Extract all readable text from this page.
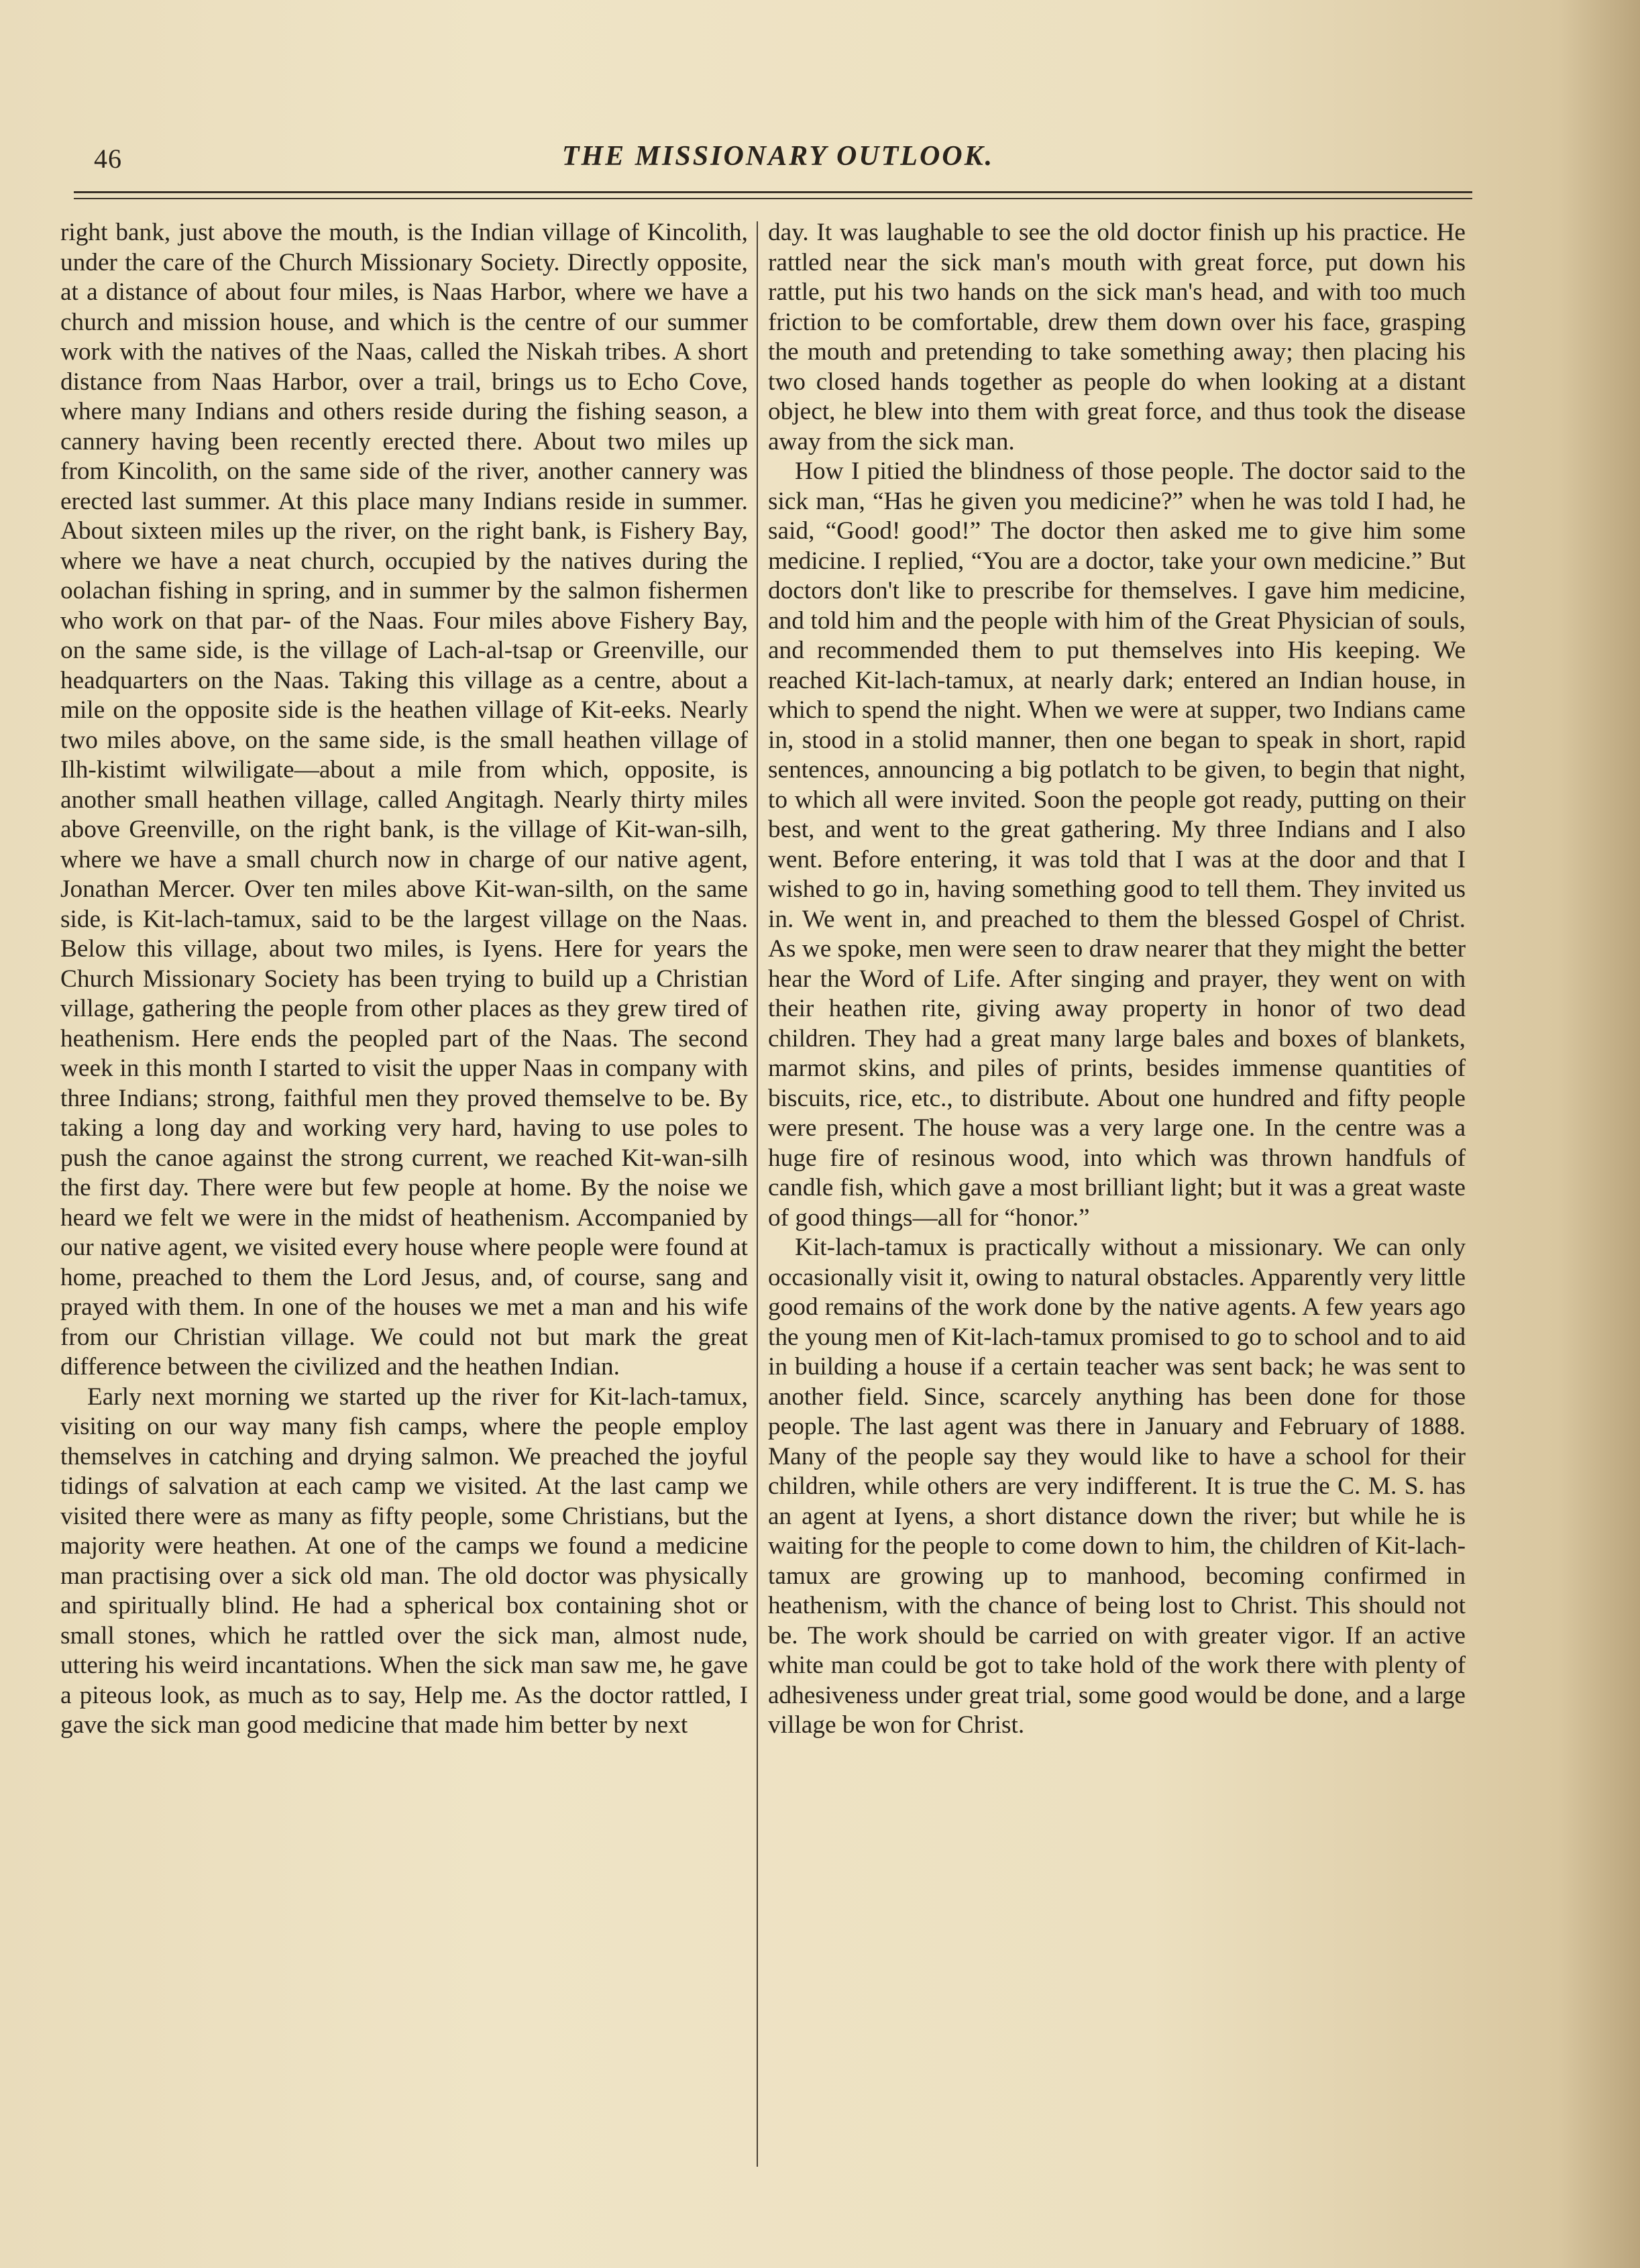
46	THE MISSIONARY OUTLOOK.

right bank, just above the mouth, is the Indian village of Kincolith, under the care of the Church Missionary Society. Directly opposite, at a distance of about four miles, is Naas Harbor, where we have a church and mission house, and which is the centre of our summer work with the natives of the Naas, called the Niskah tribes. A short distance from Naas Harbor, over a trail, brings us to Echo Cove, where many Indians and others reside during the fishing season, a cannery having been recently erected there. About two miles up from Kincolith, on the same side of the river, another cannery was erected last summer. At this place many Indians reside in summer. About sixteen miles up the river, on the right bank, is Fishery Bay, where we have a neat church, occupied by the natives during the oolachan fishing in spring, and in summer by the salmon fishermen who work on that par- of the Naas. Four miles above Fishery Bay, on the same side, is the village of Lach-al-tsap or Greenville, our headquarters on the Naas. Taking this village as a centre, about a mile on the opposite side is the heathen village of Kit-eeks. Nearly two miles above, on the same side, is the small heathen village of Ilh-kistimt wilwiligate—about a mile from which, opposite, is another small heathen village, called Angitagh. Nearly thirty miles above Greenville, on the right bank, is the village of Kit-wan-silh, where we have a small church now in charge of our native agent, Jonathan Mercer. Over ten miles above Kit-wan-silth, on the same side, is Kit-lach-tamux, said to be the largest village on the Naas. Below this village, about two miles, is Iyens. Here for years the Church Missionary Society has been trying to build up a Christian village, gathering the people from other places as they grew tired of heathenism. Here ends the peopled part of the Naas. The second week in this month I started to visit the upper Naas in company with three Indians; strong, faithful men they proved themselve to be. By taking a long day and working very hard, having to use poles to push the canoe against the strong current, we reached Kit-wan-silh the first day. There were but few people at home. By the noise we heard we felt we were in the midst of heathenism. Accompanied by our native agent, we visited every house where people were found at home, preached to them the Lord Jesus, and, of course, sang and prayed with them. In one of the houses we met a man and his wife from our Christian village. We could not but mark the great difference between the civilized and the heathen Indian.

Early next morning we started up the river for Kit-lach-tamux, visiting on our way many fish camps, where the people employ themselves in catching and drying salmon. We preached the joyful tidings of salvation at each camp we visited. At the last camp we visited there were as many as fifty people, some Christians, but the majority were heathen. At one of the camps we found a medicine man practising over a sick old man. The old doctor was physically and spiritually blind. He had a spherical box containing shot or small stones, which he rattled over the sick man, almost nude, uttering his weird incantations. When the sick man saw me, he gave a piteous look, as much as to say, Help me. As the doctor rattled, I gave the sick man good medicine that made him better by next

day. It was laughable to see the old doctor finish up his practice. He rattled near the sick man's mouth with great force, put down his rattle, put his two hands on the sick man's head, and with too much friction to be comfortable, drew them down over his face, grasping the mouth and pretending to take something away; then placing his two closed hands together as people do when looking at a distant object, he blew into them with great force, and thus took the disease away from the sick man.

How I pitied the blindness of those people. The doctor said to the sick man, “Has he given you medicine?” when he was told I had, he said, “Good! good!” The doctor then asked me to give him some medicine. I replied, “You are a doctor, take your own medicine.” But doctors don't like to prescribe for themselves. I gave him medicine, and told him and the people with him of the Great Physician of souls, and recommended them to put themselves into His keeping. We reached Kit-lach-tamux, at nearly dark; entered an Indian house, in which to spend the night. When we were at supper, two Indians came in, stood in a stolid manner, then one began to speak in short, rapid sentences, announcing a big potlatch to be given, to begin that night, to which all were invited. Soon the people got ready, putting on their best, and went to the great gathering. My three Indians and I also went. Before entering, it was told that I was at the door and that I wished to go in, having something good to tell them. They invited us in. We went in, and preached to them the blessed Gospel of Christ. As we spoke, men were seen to draw nearer that they might the better hear the Word of Life. After singing and prayer, they went on with their heathen rite, giving away property in honor of two dead children. They had a great many large bales and boxes of blankets, marmot skins, and piles of prints, besides immense quantities of biscuits, rice, etc., to distribute. About one hundred and fifty people were present. The house was a very large one. In the centre was a huge fire of resinous wood, into which was thrown handfuls of candle fish, which gave a most brilliant light; but it was a great waste of good things—all for “honor.”

Kit-lach-tamux is practically without a missionary. We can only occasionally visit it, owing to natural obstacles. Apparently very little good remains of the work done by the native agents. A few years ago the young men of Kit-lach-tamux promised to go to school and to aid in building a house if a certain teacher was sent back; he was sent to another field. Since, scarcely anything has been done for those people. The last agent was there in January and February of 1888. Many of the people say they would like to have a school for their children, while others are very indifferent. It is true the C. M. S. has an agent at Iyens, a short distance down the river; but while he is waiting for the people to come down to him, the children of Kit-lach-tamux are growing up to manhood, becoming confirmed in heathenism, with the chance of being lost to Christ. This should not be. The work should be carried on with greater vigor. If an active white man could be got to take hold of the work there with plenty of adhesiveness under great trial, some good would be done, and a large village be won for Christ.
